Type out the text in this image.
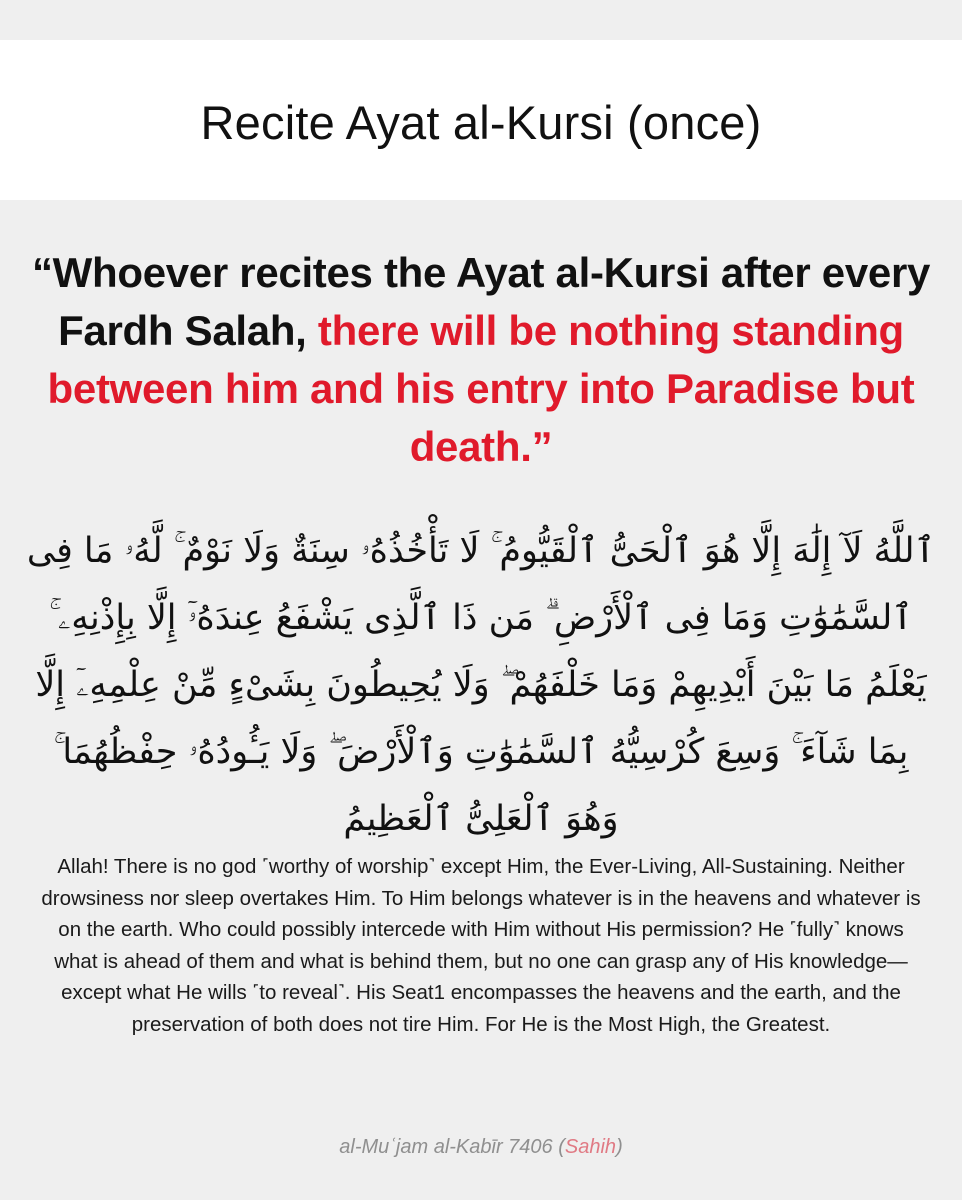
Recite Ayat al-Kursi (once)
“Whoever recites the Ayat al-Kursi after every Fardh Salah, there will be nothing standing between him and his entry into Paradise but death.”
ٱللَّهُ لَآ إِلَٰهَ إِلَّا هُوَ ٱلْحَىُّ ٱلْقَيُّومُ ۚ لَا تَأْخُذُهُۥ سِنَةٌ وَلَا نَوْمٌ ۚ لَّهُۥ مَا فِى ٱلسَّمَٰوَٰتِ وَمَا فِى ٱلْأَرْضِ ۗ مَن ذَا ٱلَّذِى يَشْفَعُ عِندَهُۥٓ إِلَّا بِإِذْنِهِۦ ۚ يَعْلَمُ مَا بَيْنَ أَيْدِيهِمْ وَمَا خَلْفَهُمْ ۖ وَلَا يُحِيطُونَ بِشَىْءٍ مِّنْ عِلْمِهِۦٓ إِلَّا بِمَا شَآءَ ۚ وَسِعَ كُرْسِيُّهُ ٱلسَّمَٰوَٰتِ وَٱلْأَرْضَ ۖ وَلَا يَـُٔودُهُۥ حِفْظُهُمَا ۚ وَهُوَ ٱلْعَلِىُّ ٱلْعَظِيمُ
Allah! There is no god ˹worthy of worship˺ except Him, the Ever-Living, All-Sustaining. Neither drowsiness nor sleep overtakes Him. To Him belongs whatever is in the heavens and whatever is on the earth. Who could possibly intercede with Him without His permission? He ˹fully˺ knows what is ahead of them and what is behind them, but no one can grasp any of His knowledge—except what He wills ˹to reveal˺. His Seat1 encompasses the heavens and the earth, and the preservation of both does not tire Him. For He is the Most High, the Greatest.
al-Muʿjam al-Kabīr 7406 (Sahih)
